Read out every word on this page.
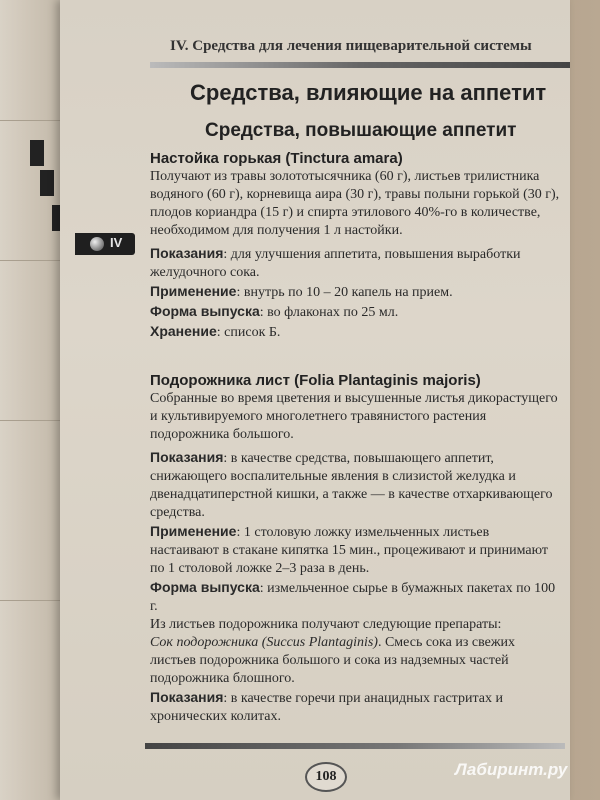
IV. Средства для лечения пищеварительной системы
Средства, влияющие на аппетит
Средства, повышающие аппетит
IV
Настойка горькая (Tinctura amara)
Получают из травы золототысячника (60 г), листьев трилистника водяного (60 г), корневища аира (30 г), травы полыни горькой (30 г), плодов кориандра (15 г) и спирта этилового 40%-го в количестве, необходимом для получения 1 л настойки.
Показания: для улучшения аппетита, повышения выработки желудочного сока.
Применение: внутрь по 10 – 20 капель на прием.
Форма выпуска: во флаконах по 25 мл.
Хранение: список Б.
Подорожника лист (Folia Plantaginis majoris)
Собранные во время цветения и высушенные листья дикорастущего и культивируемого многолетнего травянистого растения подорожника большого.
Показания: в качестве средства, повышающего аппетит, снижающего воспалительные явления в слизистой желудка и двенадцатиперстной кишки, а также — в качестве отхаркивающего средства.
Применение: 1 столовую ложку измельченных листьев настаивают в стакане кипятка 15 мин., процеживают и принимают по 1 столовой ложке 2–3 раза в день.
Форма выпуска: измельченное сырье в бумажных пакетах по 100 г.
Из листьев подорожника получают следующие препараты:
Сок подорожника (Succus Plantaginis). Смесь сока из свежих листьев подорожника большого и сока из надземных частей подорожника блошного.
Показания: в качестве горечи при анацидных гастритах и хронических колитах.
108	Лабиринт.ру
